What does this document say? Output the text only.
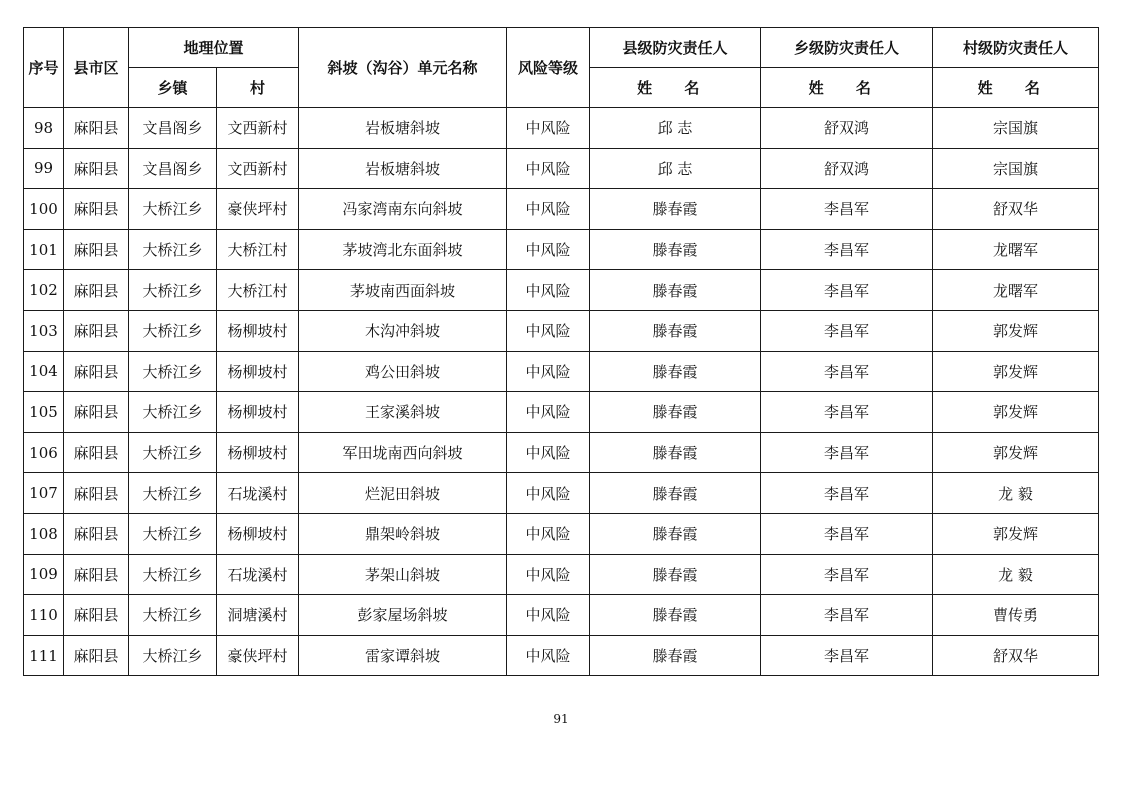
序号	县市区	地理位置		斜坡（沟谷）单元名称	风险等级	县级防灾责任人	乡级防灾责任人	村级防灾责任人
		乡镇	村			姓 名	姓 名	姓 名
98	麻阳县	文昌阁乡	文西新村	岩板塘斜坡	中风险	邱 志	舒双鸿	宗国旗
99	麻阳县	文昌阁乡	文西新村	岩板塘斜坡	中风险	邱 志	舒双鸿	宗国旗
100	麻阳县	大桥江乡	豪侠坪村	冯家湾南东向斜坡	中风险	滕春霞	李昌军	舒双华
101	麻阳县	大桥江乡	大桥江村	茅坡湾北东面斜坡	中风险	滕春霞	李昌军	龙曙军
102	麻阳县	大桥江乡	大桥江村	茅坡南西面斜坡	中风险	滕春霞	李昌军	龙曙军
103	麻阳县	大桥江乡	杨柳坡村	木沟冲斜坡	中风险	滕春霞	李昌军	郭发辉
104	麻阳县	大桥江乡	杨柳坡村	鸡公田斜坡	中风险	滕春霞	李昌军	郭发辉
105	麻阳县	大桥江乡	杨柳坡村	王家溪斜坡	中风险	滕春霞	李昌军	郭发辉
106	麻阳县	大桥江乡	杨柳坡村	军田垅南西向斜坡	中风险	滕春霞	李昌军	郭发辉
107	麻阳县	大桥江乡	石垅溪村	烂泥田斜坡	中风险	滕春霞	李昌军	龙 毅
108	麻阳县	大桥江乡	杨柳坡村	鼎架岭斜坡	中风险	滕春霞	李昌军	郭发辉
109	麻阳县	大桥江乡	石垅溪村	茅架山斜坡	中风险	滕春霞	李昌军	龙 毅
110	麻阳县	大桥江乡	洞塘溪村	彭家屋场斜坡	中风险	滕春霞	李昌军	曹传勇
111	麻阳县	大桥江乡	豪侠坪村	雷家谭斜坡	中风险	滕春霞	李昌军	舒双华
91
